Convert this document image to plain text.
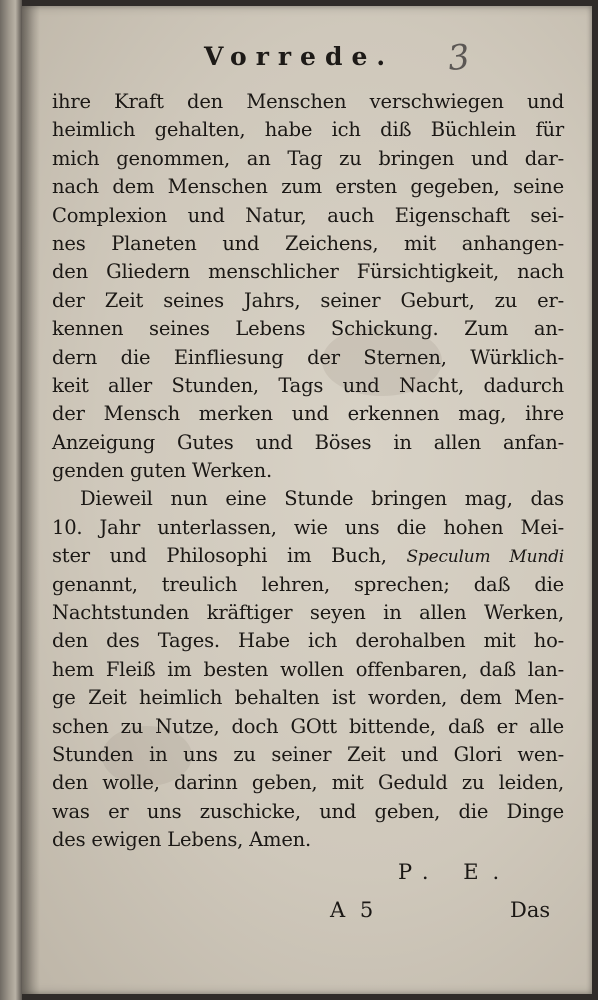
Vorrede.	3
ihre Kraft den Menschen verschwiegen und
heimlich gehalten, habe ich diß Büchlein für
mich genommen, an Tag zu bringen und dar-
nach dem Menschen zum ersten gegeben, seine
Complexion und Natur, auch Eigenschaft sei-
nes Planeten und Zeichens, mit anhangen-
den Gliedern menschlicher Fürsichtigkeit, nach
der Zeit seines Jahrs, seiner Geburt, zu er-
kennen seines Lebens Schickung. Zum an-
dern die Einfliesung der Sternen, Würklich-
keit aller Stunden, Tags und Nacht, dadurch
der Mensch merken und erkennen mag, ihre
Anzeigung Gutes und Böses in allen anfan-
genden guten Werken.
Dieweil nun eine Stunde bringen mag, das
10. Jahr unterlassen, wie uns die hohen Mei-
ster und Philosophi im Buch, Speculum Mundi
genannt, treulich lehren, sprechen; daß die
Nachtstunden kräftiger seyen in allen Werken,
den des Tages. Habe ich derohalben mit ho-
hem Fleiß im besten wollen offenbaren, daß lan-
ge Zeit heimlich behalten ist worden, dem Men-
schen zu Nutze, doch GOtt bittende, daß er alle
Stunden in uns zu seiner Zeit und Glori wen-
den wolle, darinn geben, mit Geduld zu leiden,
was er uns zuschicke, und geben, die Dinge
des ewigen Lebens, Amen.
P. E.
A 5	Das
